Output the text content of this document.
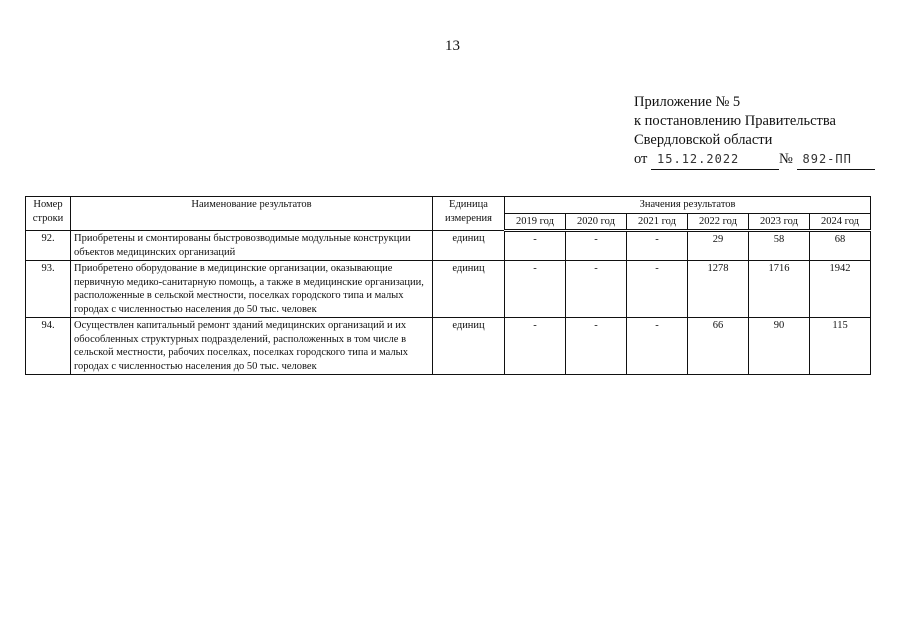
13
Приложение № 5
к постановлению Правительства
Свердловской области
от 15.12.2022	№ 892-ПП
Номер строки	Наименование результатов	Единица измерения	Значения результатов					
			2019 год	2020 год	2021 год	2022 год	2023 год	2024 год
92.	Приобретены и смонтированы быстровозводимые модульные конструкции объектов медицинских организаций	единиц	-	-	-	29	58	68
93.	Приобретено оборудование в медицинские организации, оказывающие первичную медико-санитарную помощь, а также в медицинские организации, расположенные в сельской местности, поселках городского типа и малых городах с численностью населения до 50 тыс. человек	единиц	-	-	-	1278	1716	1942
94.	Осуществлен капитальный ремонт зданий медицинских организаций и их обособленных структурных подразделений, расположенных в том числе в сельской местности, рабочих поселках, поселках городского типа и малых городах с численностью населения до 50 тыс. человек	единиц	-	-	-	66	90	115
